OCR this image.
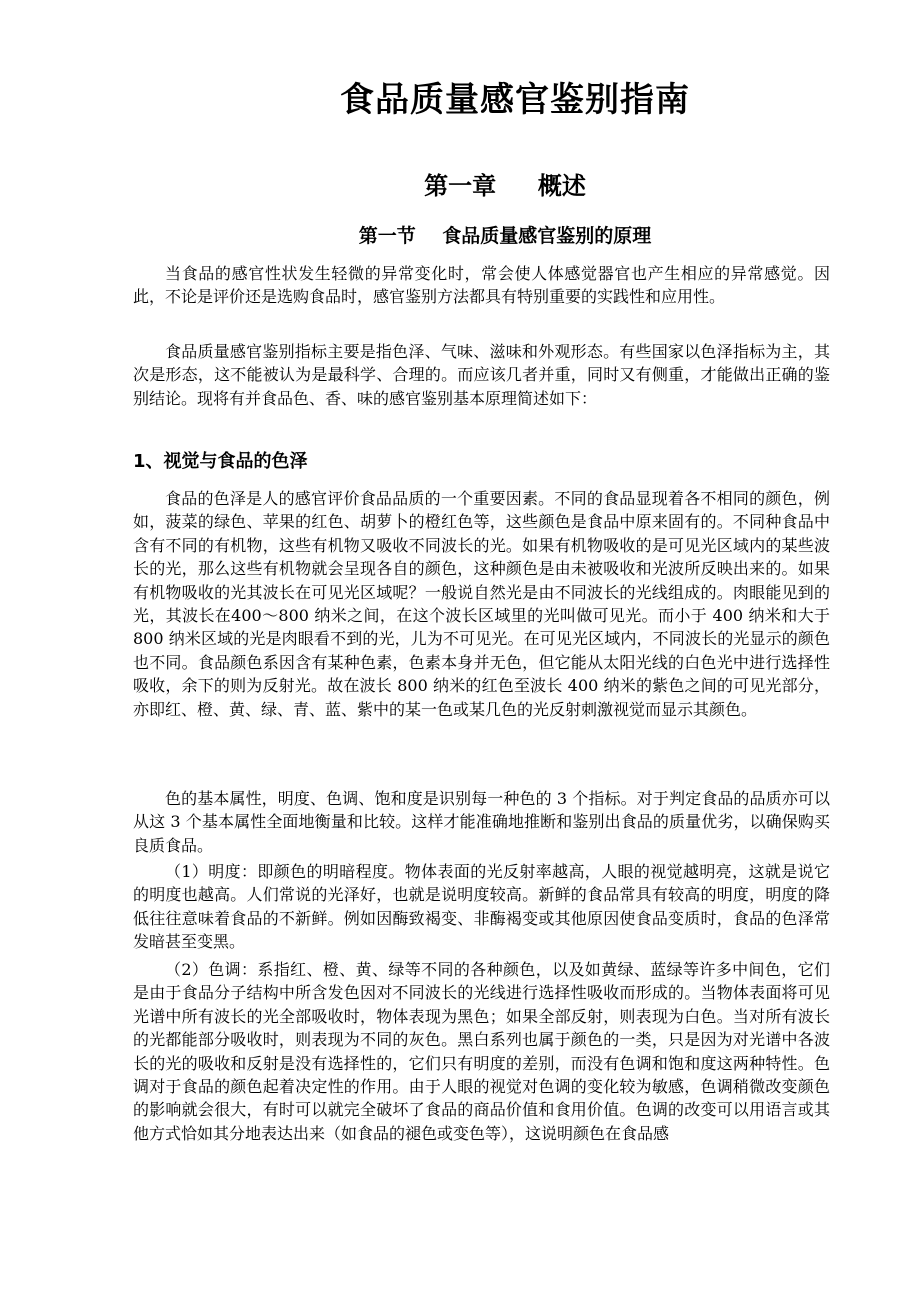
食品质量感官鉴别指南
第一章     概述
第一节    食品质量感官鉴别的原理

当食品的感官性状发生轻微的异常变化时，常会使人体感觉器官也产生相应的异常感觉。因此，不论是评价还是选购食品时，感官鉴别方法都具有特别重要的实践性和应用性。

食品质量感官鉴别指标主要是指色泽、气味、滋味和外观形态。有些国家以色泽指标为主，其次是形态，这不能被认为是最科学、合理的。而应该几者并重，同时又有侧重，才能做出正确的鉴别结论。现将有并食品色、香、味的感官鉴别基本原理简述如下：

1、视觉与食品的色泽

食品的色泽是人的感官评价食品品质的一个重要因素。不同的食品显现着各不相同的颜色，例如，菠菜的绿色、苹果的红色、胡萝卜的橙红色等，这些颜色是食品中原来固有的。不同种食品中含有不同的有机物，这些有机物又吸收不同波长的光。如果有机物吸收的是可见光区域内的某些波长的光，那么这些有机物就会呈现各自的颜色，这种颜色是由未被吸收和光波所反映出来的。如果有机物吸收的光其波长在可见光区域呢？一般说自然光是由不同波长的光线组成的。肉眼能见到的光，其波长在400～800 纳米之间，在这个波长区域里的光叫做可见光。而小于 400 纳米和大于 800 纳米区域的光是肉眼看不到的光，儿为不可见光。在可见光区域内，不同波长的光显示的颜色也不同。食品颜色系因含有某种色素，色素本身并无色，但它能从太阳光线的白色光中进行选择性吸收，余下的则为反射光。故在波长 800 纳米的红色至波长 400 纳米的紫色之间的可见光部分，亦即红、橙、黄、绿、青、蓝、紫中的某一色或某几色的光反射刺激视觉而显示其颜色。

色的基本属性，明度、色调、饱和度是识别每一种色的 3 个指标。对于判定食品的品质亦可以从这 3 个基本属性全面地衡量和比较。这样才能准确地推断和鉴别出食品的质量优劣，以确保购买良质食品。

（1）明度：即颜色的明暗程度。物体表面的光反射率越高，人眼的视觉越明亮，这就是说它的明度也越高。人们常说的光泽好，也就是说明度较高。新鲜的食品常具有较高的明度，明度的降低往往意味着食品的不新鲜。例如因酶致褐变、非酶褐变或其他原因使食品变质时，食品的色泽常发暗甚至变黑。

（2）色调：系指红、橙、黄、绿等不同的各种颜色，以及如黄绿、蓝绿等许多中间色，它们是由于食品分子结构中所含发色因对不同波长的光线进行选择性吸收而形成的。当物体表面将可见光谱中所有波长的光全部吸收时，物体表现为黑色；如果全部反射，则表现为白色。当对所有波长的光都能部分吸收时，则表现为不同的灰色。黑白系列也属于颜色的一类，只是因为对光谱中各波长的光的吸收和反射是没有选择性的，它们只有明度的差别，而没有色调和饱和度这两种特性。色调对于食品的颜色起着决定性的作用。由于人眼的视觉对色调的变化较为敏感，色调稍微改变颜色的影响就会很大，有时可以就完全破坏了食品的商品价值和食用价值。色调的改变可以用语言或其他方式恰如其分地表达出来（如食品的褪色或变色等），这说明颜色在食品感
